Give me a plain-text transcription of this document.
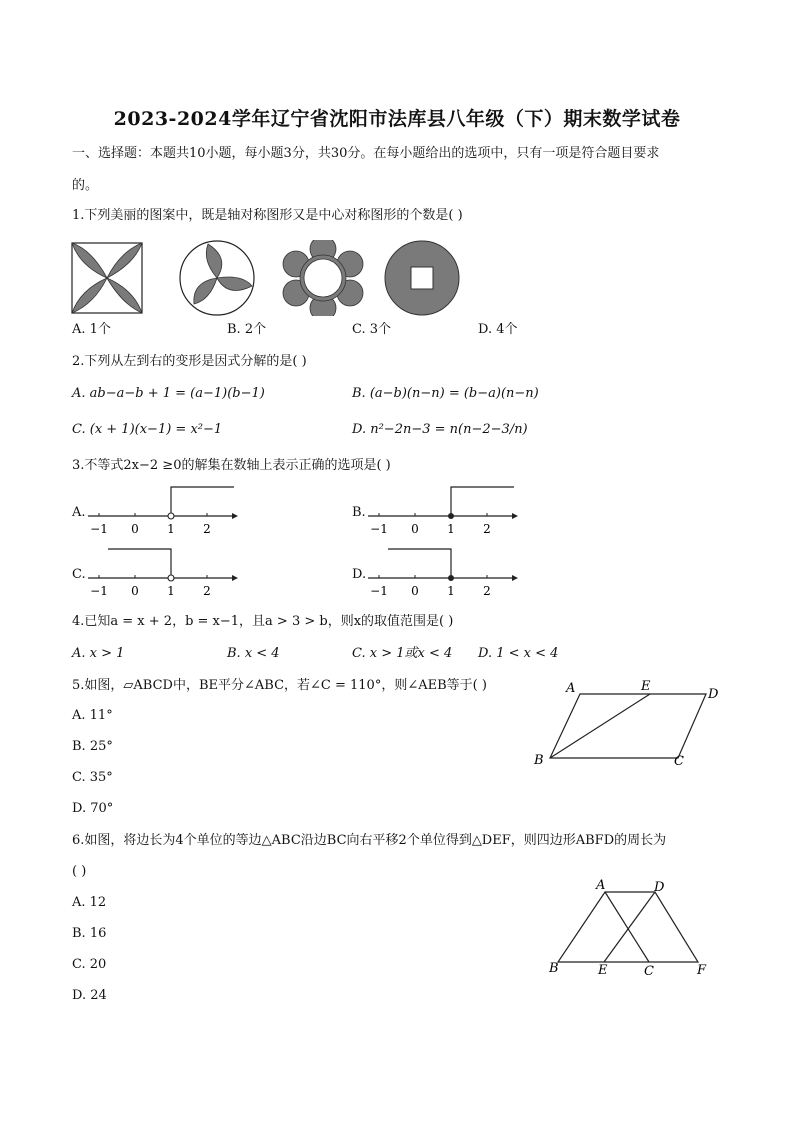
2023-2024学年辽宁省沈阳市法库县八年级（下）期末数学试卷
一、选择题：本题共10小题，每小题3分，共30分。在每小题给出的选项中，只有一项是符合题目要求
的。
1.下列美丽的图案中，既是轴对称图形又是中心对称图形的个数是( )
A. 1个	B. 2个	C. 3个	D. 4个
2.下列从左到右的变形是因式分解的是( )
A. ab−a−b + 1 = (a−1)(b−1)	B. (a−b)(n−n) = (b−a)(n−n)
C. (x + 1)(x−1) = x²−1	D. n²−2n−3 = n(n−2−3/n)
3.不等式2x−2 ≥0的解集在数轴上表示正确的选项是( )
A.	B.
C.	D.
−1 0 1 2	−1 0 1 2
−1 0 1 2	−1 0 1 2
4.已知a = x + 2，b = x−1，且a > 3 > b，则x的取值范围是( )
A. x > 1	B. x < 4	C. x > 1或x < 4 D. 1 < x < 4
5.如图，▱ABCD中，BE平分∠ABC，若∠C = 110°，则∠AEB等于( )
A. 11°
B. 25°
C. 35°
D. 70°
A	E
D
B	C
6.如图，将边长为4个单位的等边△ABC沿边BC向右平移2个单位得到△DEF，则四边形ABFD的周长为
( )
A. 12
B. 16
C. 20
D. 24
A	D
B	E	C	F
